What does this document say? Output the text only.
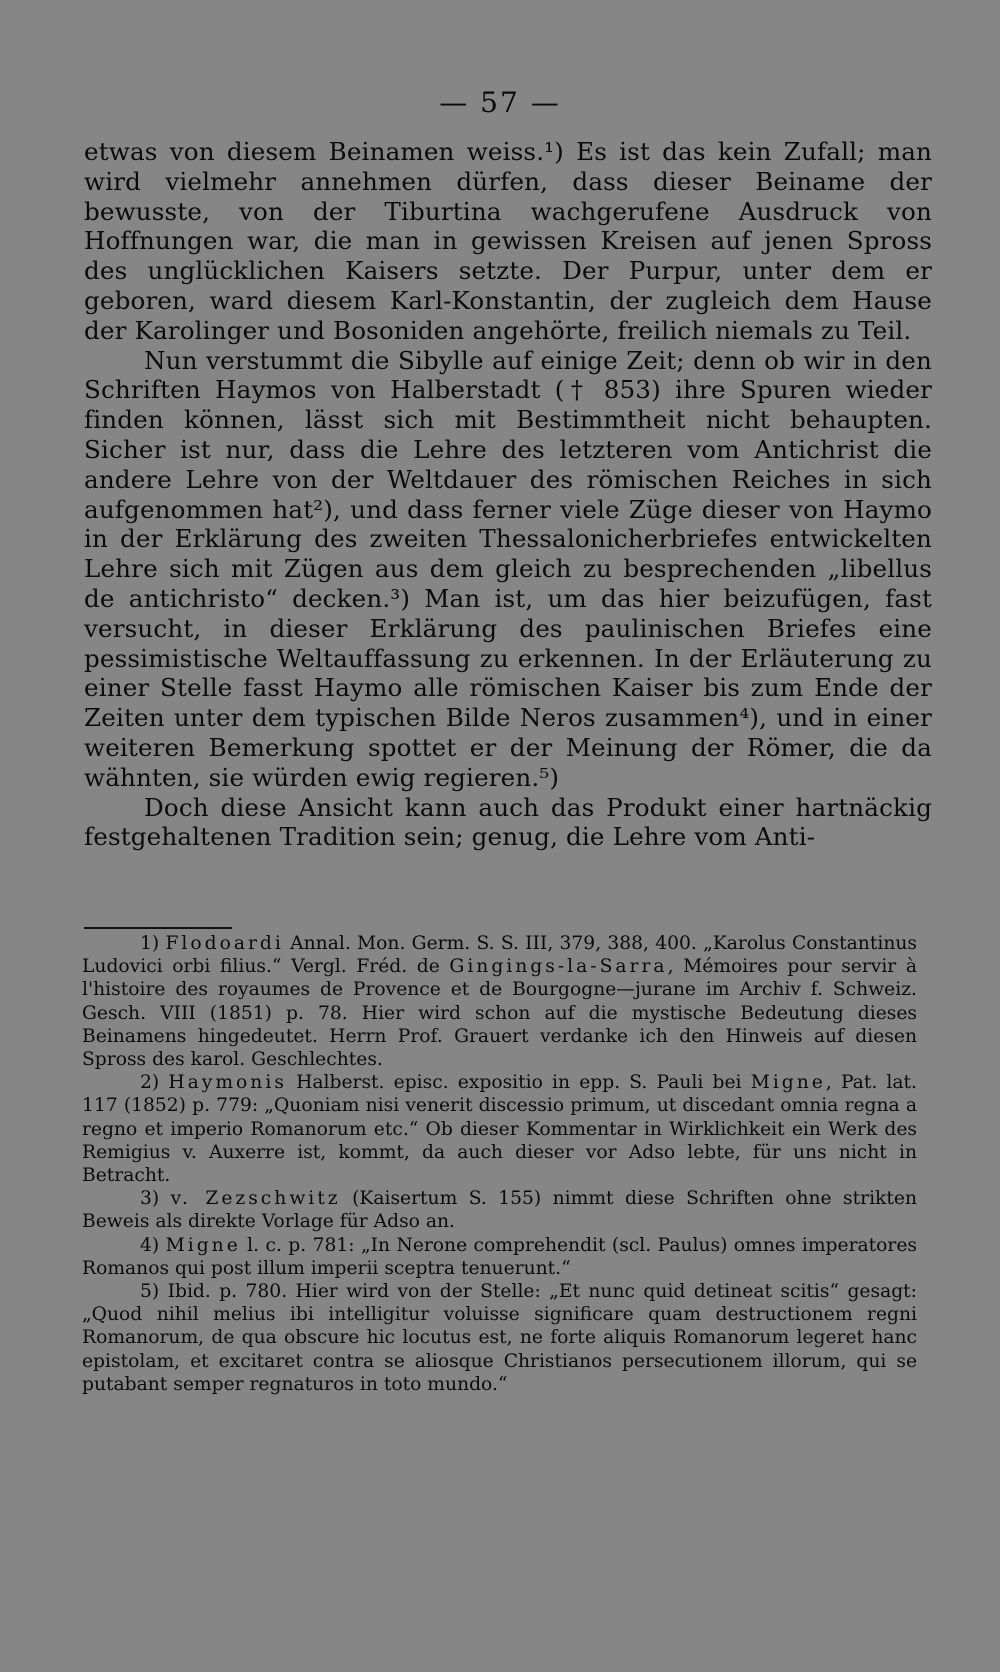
— 57 —

etwas von diesem Beinamen weiss.¹) Es ist das kein Zufall; man wird vielmehr annehmen dürfen, dass dieser Beiname der bewusste, von der Tiburtina wachgerufene Ausdruck von Hoffnungen war, die man in gewissen Kreisen auf jenen Spross des unglücklichen Kaisers setzte. Der Purpur, unter dem er geboren, ward diesem Karl-Konstantin, der zugleich dem Hause der Karolinger und Bosoniden angehörte, freilich niemals zu Teil.

Nun verstummt die Sibylle auf einige Zeit; denn ob wir in den Schriften Haymos von Halberstadt († 853) ihre Spuren wieder finden können, lässt sich mit Bestimmtheit nicht behaupten. Sicher ist nur, dass die Lehre des letzteren vom Antichrist die andere Lehre von der Weltdauer des römischen Reiches in sich aufgenommen hat²), und dass ferner viele Züge dieser von Haymo in der Erklärung des zweiten Thessalonicherbriefes entwickelten Lehre sich mit Zügen aus dem gleich zu besprechenden „libellus de antichristo“ decken.³) Man ist, um das hier beizufügen, fast versucht, in dieser Erklärung des paulinischen Briefes eine pessimistische Weltauffassung zu erkennen. In der Erläuterung zu einer Stelle fasst Haymo alle römischen Kaiser bis zum Ende der Zeiten unter dem typischen Bilde Neros zusammen⁴), und in einer weiteren Bemerkung spottet er der Meinung der Römer, die da wähnten, sie würden ewig regieren.⁵)

Doch diese Ansicht kann auch das Produkt einer hartnäckig festgehaltenen Tradition sein; genug, die Lehre vom Anti-

1) Flodoardi Annal. Mon. Germ. S. S. III, 379, 388, 400. „Karolus Constantinus Ludovici orbi filius.“ Vergl. Fréd. de Gingings-la-Sarra, Mémoires pour servir à l'histoire des royaumes de Provence et de Bourgogne—jurane im Archiv f. Schweiz. Gesch. VIII (1851) p. 78. Hier wird schon auf die mystische Bedeutung dieses Beinamens hingedeutet. Herrn Prof. Grauert verdanke ich den Hinweis auf diesen Spross des karol. Geschlechtes.

2) Haymonis Halberst. episc. expositio in epp. S. Pauli bei Migne, Pat. lat. 117 (1852) p. 779: „Quoniam nisi venerit discessio primum, ut discedant omnia regna a regno et imperio Romanorum etc.“ Ob dieser Kommentar in Wirklichkeit ein Werk des Remigius v. Auxerre ist, kommt, da auch dieser vor Adso lebte, für uns nicht in Betracht.

3) v. Zezschwitz (Kaisertum S. 155) nimmt diese Schriften ohne strikten Beweis als direkte Vorlage für Adso an.

4) Migne l. c. p. 781: „In Nerone comprehendit (scl. Paulus) omnes imperatores Romanos qui post illum imperii sceptra tenuerunt.“

5) Ibid. p. 780. Hier wird von der Stelle: „Et nunc quid detineat scitis“ gesagt: „Quod nihil melius ibi intelligitur voluisse significare quam destructionem regni Romanorum, de qua obscure hic locutus est, ne forte aliquis Romanorum legeret hanc epistolam, et excitaret contra se aliosque Christianos persecutionem illorum, qui se putabant semper regnaturos in toto mundo.“
